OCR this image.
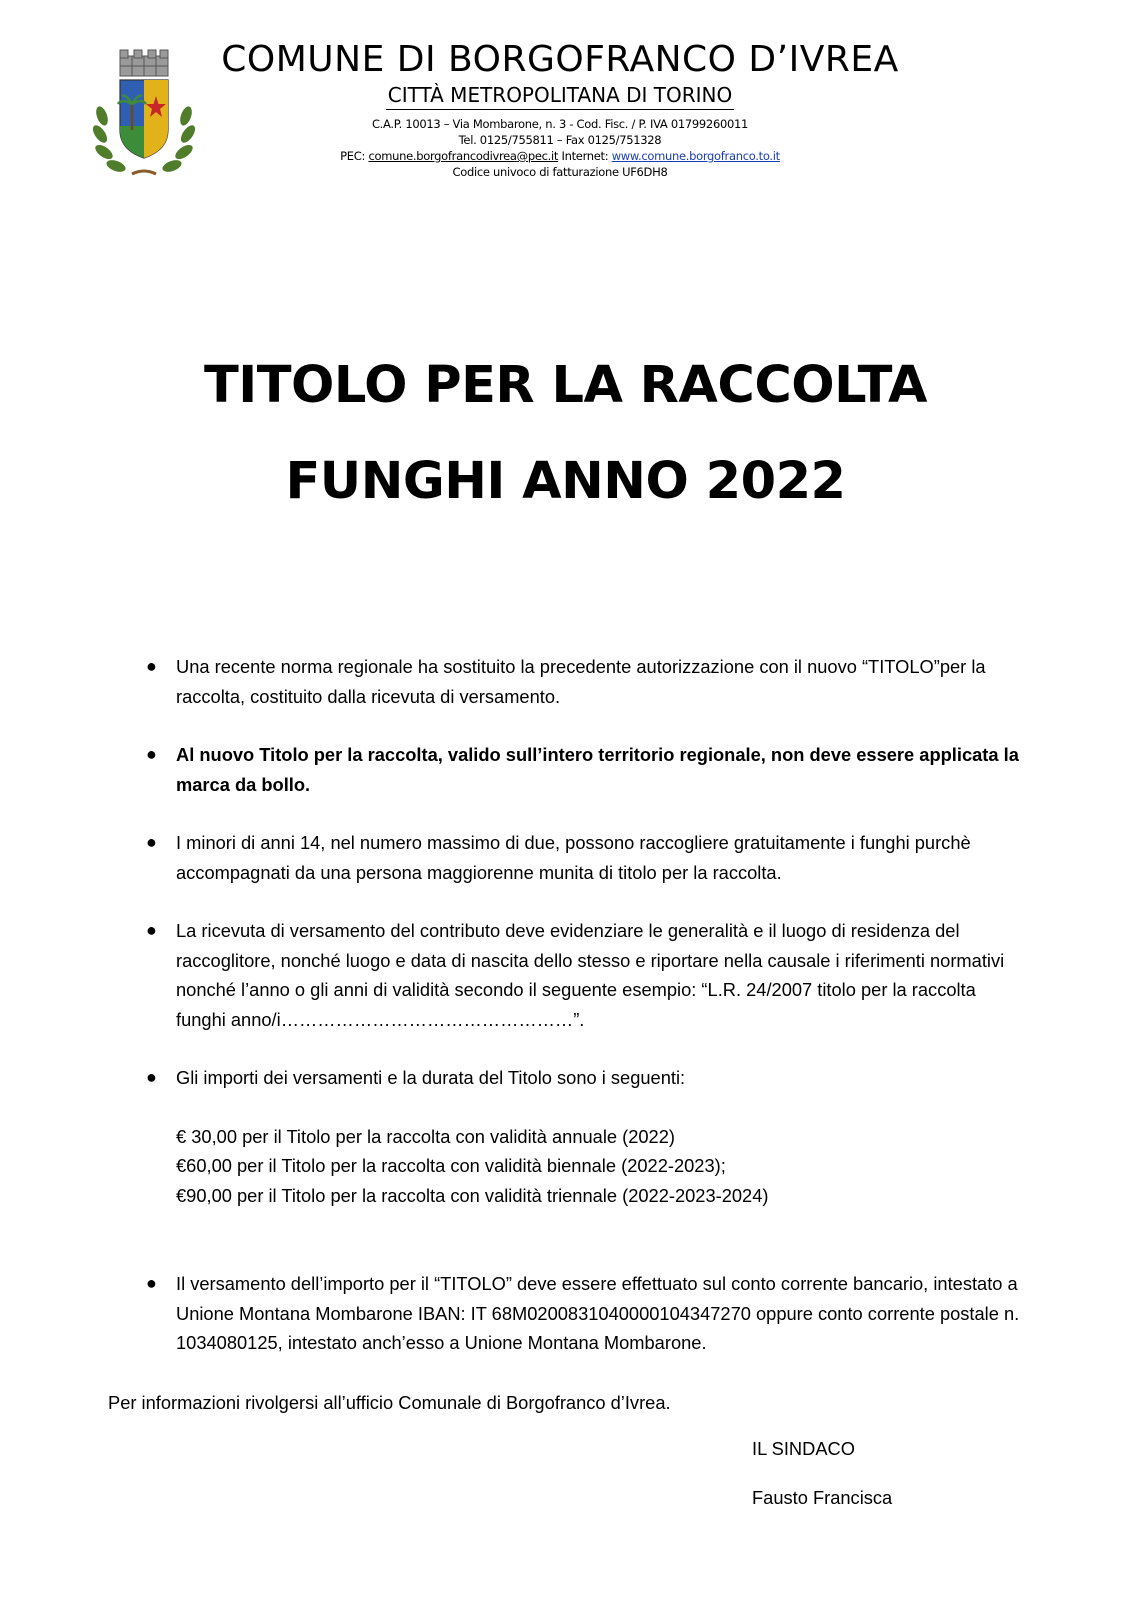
COMUNE DI BORGOFRANCO D’IVREA
CITTÀ METROPOLITANA DI TORINO
C.A.P. 10013 – Via Mombarone, n. 3 - Cod. Fisc. / P. IVA 01799260011
Tel. 0125/755811 – Fax 0125/751328
PEC: comune.borgofrancodivrea@pec.it Internet: www.comune.borgofranco.to.it
Codice univoco di fatturazione UF6DH8
TITOLO PER LA RACCOLTA
FUNGHI ANNO 2022
● Una recente norma regionale ha sostituito la precedente autorizzazione con il nuovo “TITOLO”per la raccolta, costituito dalla ricevuta di versamento.
● Al nuovo Titolo per la raccolta, valido sull’intero territorio regionale, non deve essere applicata la marca da bollo.
● I minori di anni 14, nel numero massimo di due, possono raccogliere gratuitamente i funghi purchè accompagnati da una persona maggiorenne munita di titolo per la raccolta.
● La ricevuta di versamento del contributo deve evidenziare le generalità e il luogo di residenza del raccoglitore, nonché luogo e data di nascita dello stesso e riportare nella causale i riferimenti normativi nonché l’anno o gli anni di validità secondo il seguente esempio: “L.R. 24/2007 titolo per la raccolta funghi anno/i…………………………………………”.
● Gli importi dei versamenti e la durata del Titolo sono i seguenti:
€ 30,00 per il Titolo per la raccolta con validità annuale (2022)
€60,00 per il Titolo per la raccolta con validità biennale (2022-2023);
€90,00 per il Titolo per la raccolta con validità triennale (2022-2023-2024)
● Il versamento dell’importo per il “TITOLO” deve essere effettuato sul conto corrente bancario, intestato a Unione Montana Mombarone IBAN: IT 68M0200831040000104347270 oppure conto corrente postale n. 1034080125, intestato anch’esso a Unione Montana Mombarone.
Per informazioni rivolgersi all’ufficio Comunale di Borgofranco d’Ivrea.
IL SINDACO
Fausto Francisca
